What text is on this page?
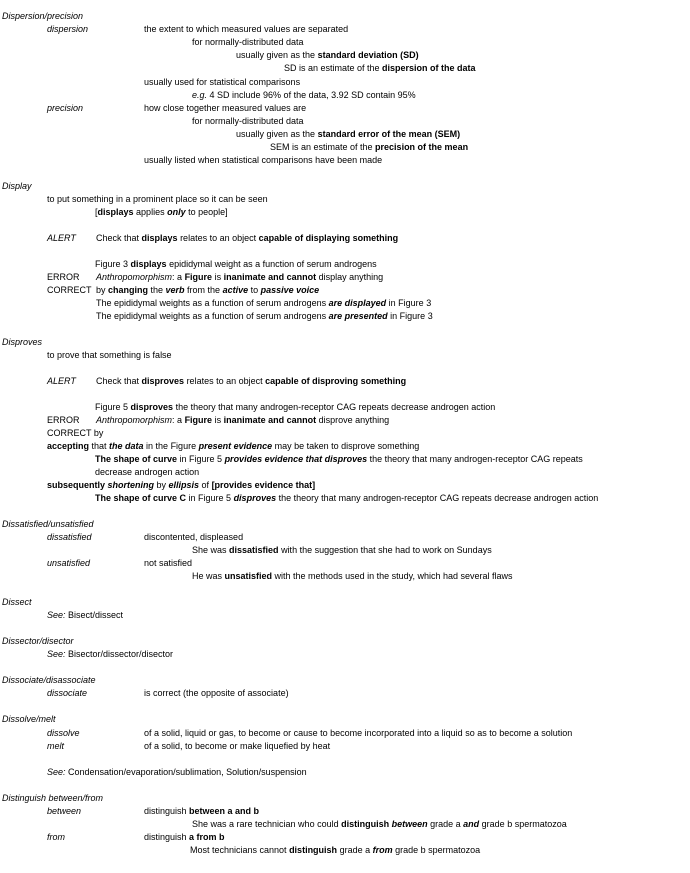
Dispersion/precision
dispersion	the extent to which measured values are separated
for normally-distributed data
usually given as the standard deviation (SD)
SD is an estimate of the dispersion of the data
usually used for statistical comparisons
e.g. 4 SD include 96% of the data, 3.92 SD contain 95%
precision	how close together measured values are
for normally-distributed data
usually given as the standard error of the mean (SEM)
SEM is an estimate of the precision of the mean
usually listed when statistical comparisons have been made
Display
to put something in a prominent place so it can be seen
[displays applies only to people]
ALERT Check that displays relates to an object capable of displaying something
Figure 3 displays epididymal weight as a function of serum androgens
ERROR Anthropomorphism: a Figure is inanimate and cannot display anything
CORRECT by changing the verb from the active to passive voice
The epididymal weights as a function of serum androgens are displayed in Figure 3
The epididymal weights as a function of serum androgens are presented in Figure 3
Disproves
to prove that something is false
ALERT Check that disproves relates to an object capable of disproving something
Figure 5 disproves the theory that many androgen-receptor CAG repeats decrease androgen action
ERROR Anthropomorphism: a Figure is inanimate and cannot disprove anything
CORRECT by
accepting that the data in the Figure present evidence may be taken to disprove something
The shape of curve in Figure 5 provides evidence that disproves the theory that many androgen-receptor CAG repeats
decrease androgen action
subsequently shortening by ellipsis of [provides evidence that]
The shape of curve C in Figure 5 disproves the theory that many androgen-receptor CAG repeats decrease androgen action
Dissatisfied/unsatisfied
dissatisfied	discontented, displeased
She was dissatisfied with the suggestion that she had to work on Sundays
unsatisfied	not satisfied
He was unsatisfied with the methods used in the study, which had several flaws
Dissect
See: Bisect/dissect
Dissector/disector
See: Bisector/dissector/disector
Dissociate/disassociate
dissociate	is correct (the opposite of associate)
Dissolve/melt
dissolve	of a solid, liquid or gas, to become or cause to become incorporated into a liquid so as to become a solution
melt	of a solid, to become or make liquefied by heat
See: Condensation/evaporation/sublimation, Solution/suspension
Distinguish between/from
between	distinguish between a and b
She was a rare technician who could distinguish between grade a and grade b spermatozoa
from	distinguish a from b
Most technicians cannot distinguish grade a from grade b spermatozoa
